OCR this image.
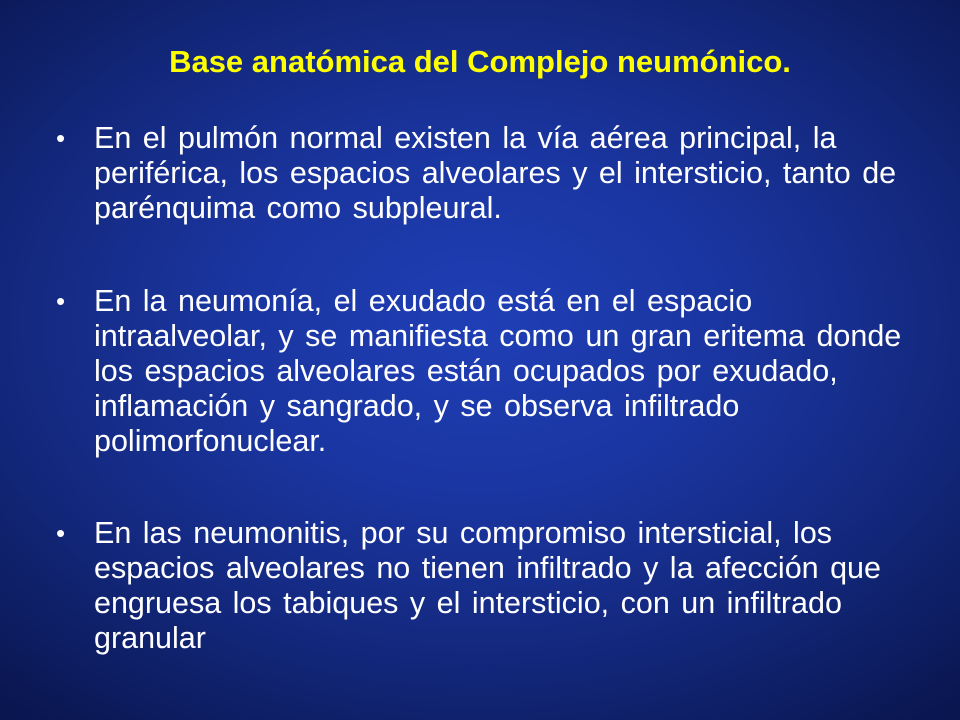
Base anatómica del Complejo neumónico.
• En el pulmón normal existen la vía aérea principal, la periférica, los espacios alveolares y el intersticio, tanto de parénquima como subpleural.
• En la neumonía, el exudado está en el espacio intraalveolar, y se manifiesta como un gran eritema donde los espacios alveolares están ocupados por exudado, inflamación y sangrado, y se observa infiltrado polimorfonuclear.
• En las neumonitis, por su compromiso intersticial, los espacios alveolares no tienen infiltrado y la afección que engruesa los tabiques y el intersticio, con un infiltrado granular
